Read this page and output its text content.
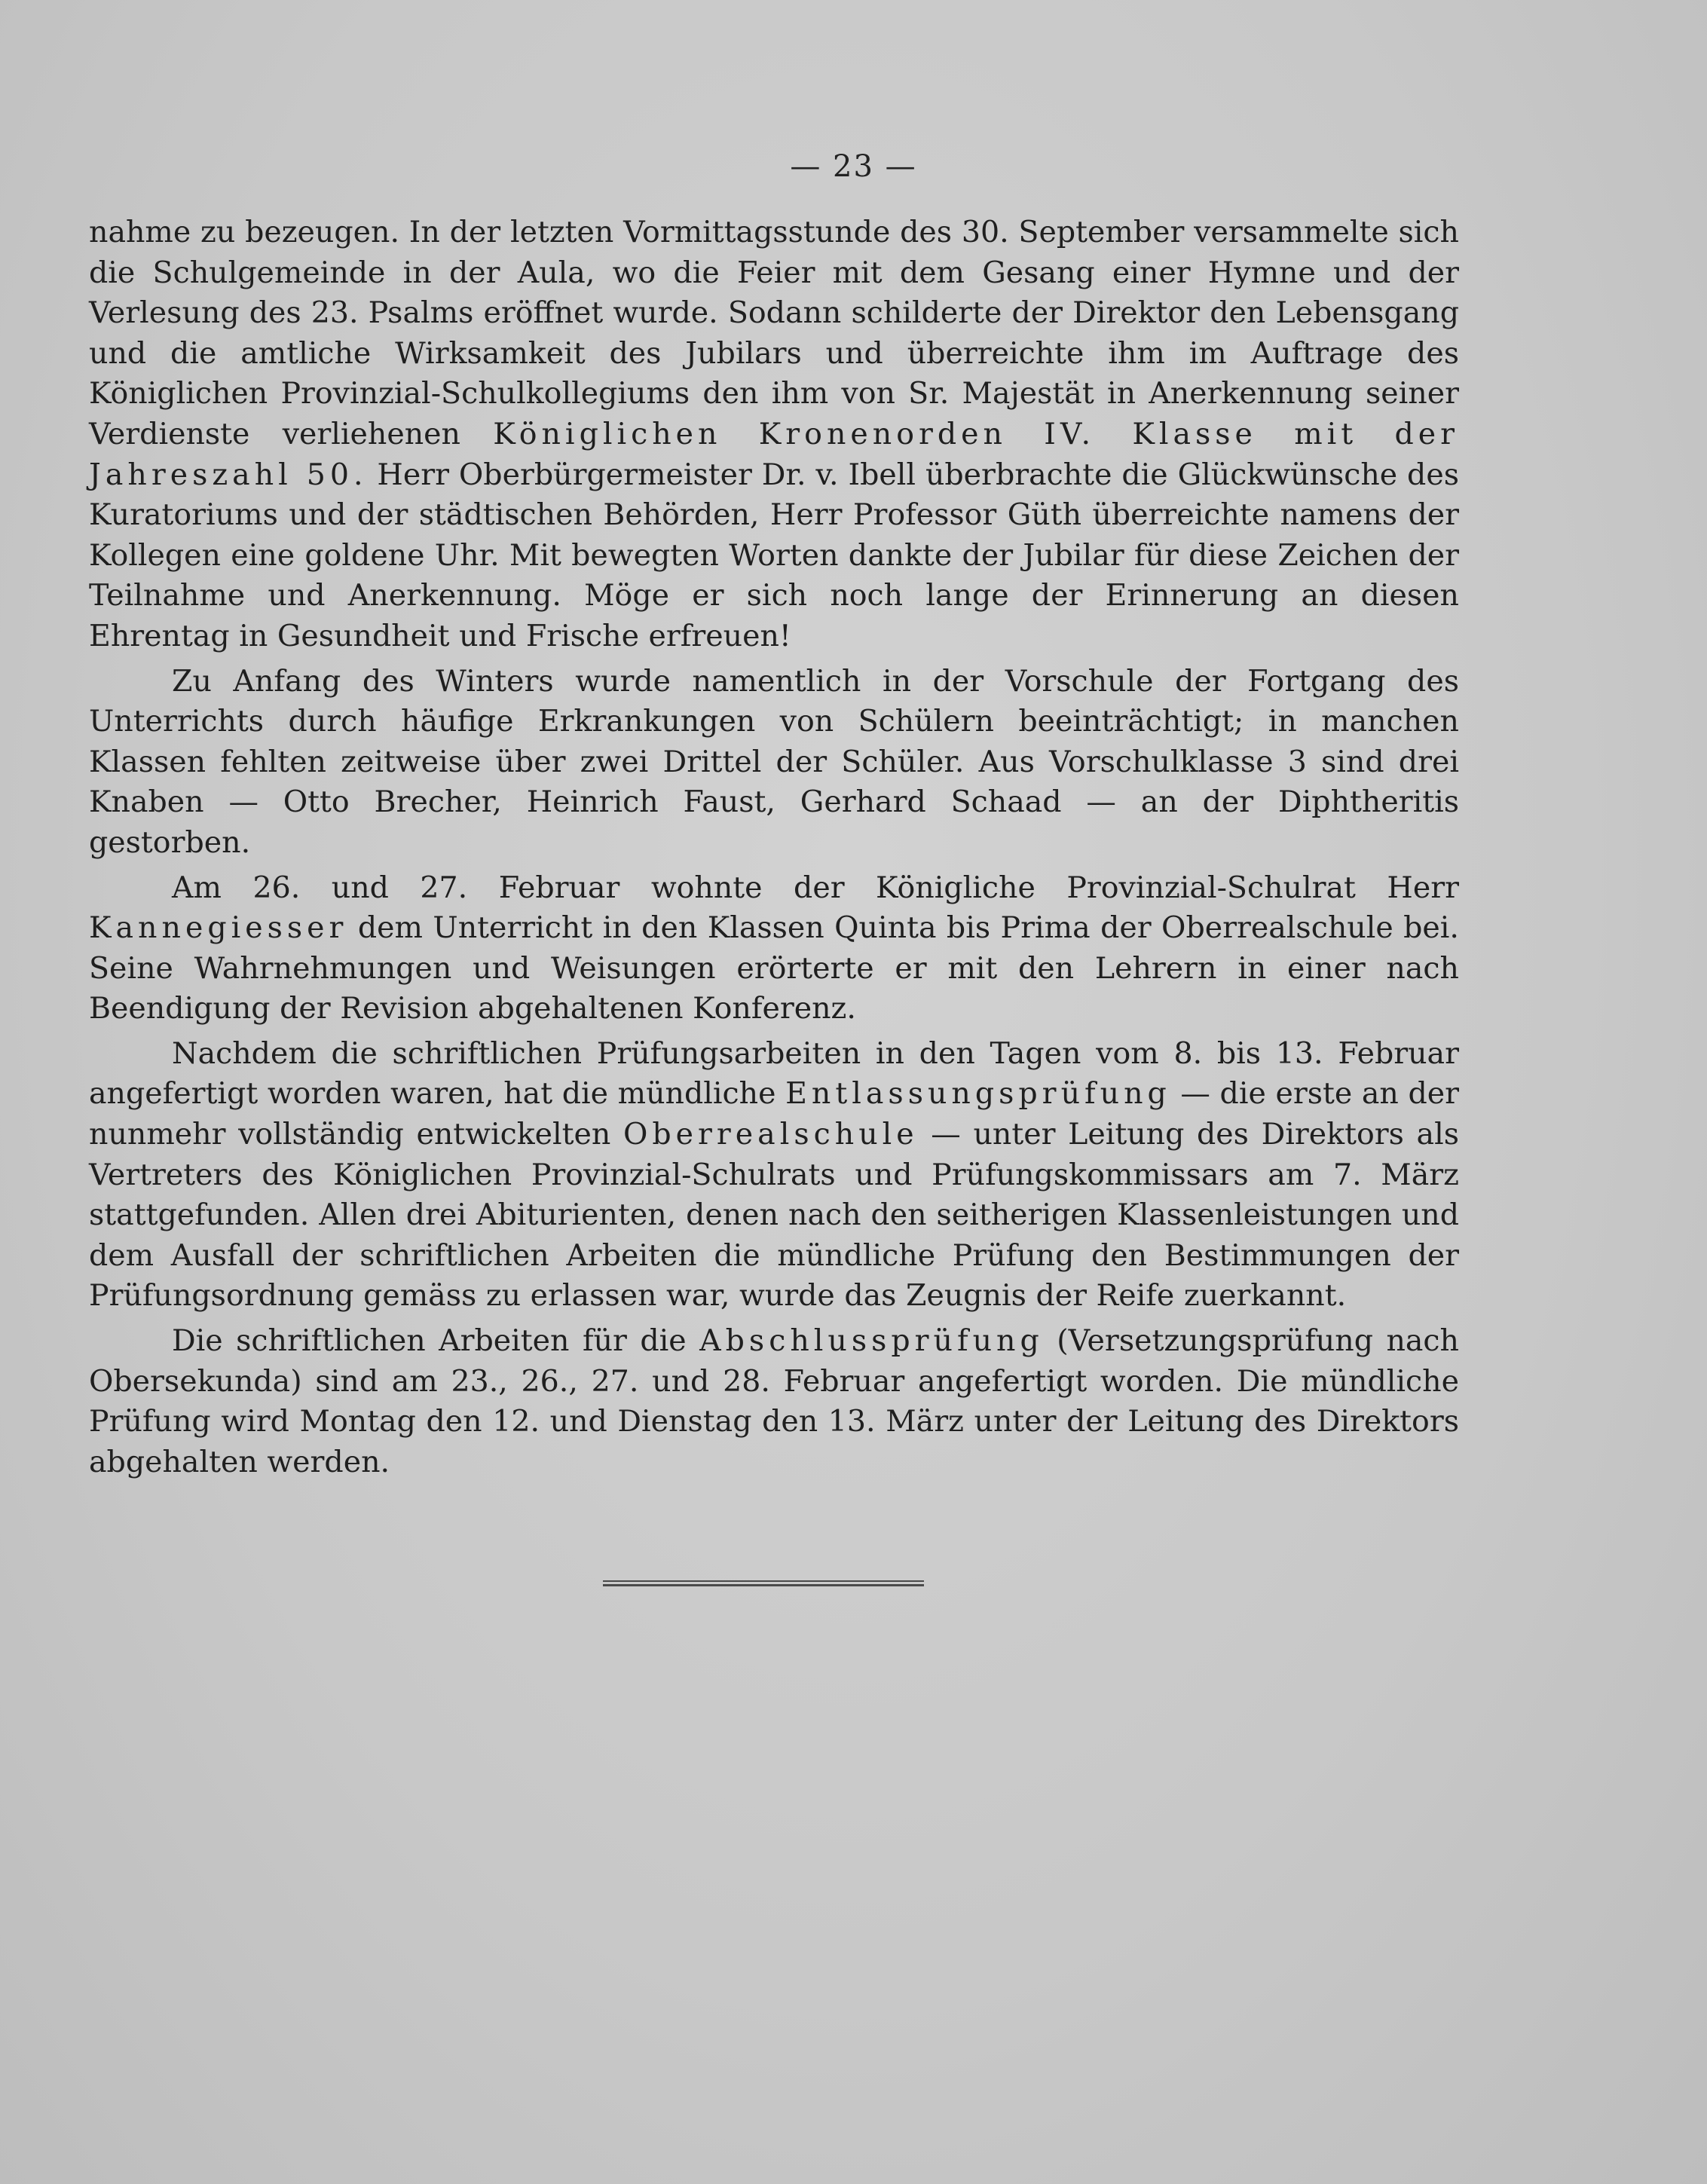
— 23 —

nahme zu bezeugen. In der letzten Vormittagsstunde des 30. September versammelte sich die Schulgemeinde in der Aula, wo die Feier mit dem Gesang einer Hymne und der Verlesung des 23. Psalms eröffnet wurde. Sodann schilderte der Direktor den Lebensgang und die amtliche Wirksamkeit des Jubilars und überreichte ihm im Auftrage des Königlichen Provinzial-Schulkollegiums den ihm von Sr. Majestät in Anerkennung seiner Verdienste verliehenen Königlichen Kronenorden IV. Klasse mit der Jahreszahl 50. Herr Oberbürgermeister Dr. v. Ibell überbrachte die Glückwünsche des Kuratoriums und der städtischen Behörden, Herr Professor Güth überreichte namens der Kollegen eine goldene Uhr. Mit bewegten Worten dankte der Jubilar für diese Zeichen der Teilnahme und Anerkennung. Möge er sich noch lange der Erinnerung an diesen Ehrentag in Gesundheit und Frische erfreuen!

Zu Anfang des Winters wurde namentlich in der Vorschule der Fortgang des Unterrichts durch häufige Erkrankungen von Schülern beeinträchtigt; in manchen Klassen fehlten zeitweise über zwei Drittel der Schüler. Aus Vorschulklasse 3 sind drei Knaben — Otto Brecher, Heinrich Faust, Gerhard Schaad — an der Diphtheritis gestorben.

Am 26. und 27. Februar wohnte der Königliche Provinzial-Schulrat Herr Kannegiesser dem Unterricht in den Klassen Quinta bis Prima der Oberrealschule bei. Seine Wahrnehmungen und Weisungen erörterte er mit den Lehrern in einer nach Beendigung der Revision abgehaltenen Konferenz.

Nachdem die schriftlichen Prüfungsarbeiten in den Tagen vom 8. bis 13. Februar angefertigt worden waren, hat die mündliche Entlassungsprüfung — die erste an der nunmehr vollständig entwickelten Oberrealschule — unter Leitung des Direktors als Vertreters des Königlichen Provinzial-Schulrats und Prüfungskommissars am 7. März stattgefunden. Allen drei Abiturienten, denen nach den seitherigen Klassenleistungen und dem Ausfall der schriftlichen Arbeiten die mündliche Prüfung den Bestimmungen der Prüfungsordnung gemäss zu erlassen war, wurde das Zeugnis der Reife zuerkannt.

Die schriftlichen Arbeiten für die Abschlussprüfung (Versetzungsprüfung nach Obersekunda) sind am 23., 26., 27. und 28. Februar angefertigt worden. Die mündliche Prüfung wird Montag den 12. und Dienstag den 13. März unter der Leitung des Direktors abgehalten werden.
